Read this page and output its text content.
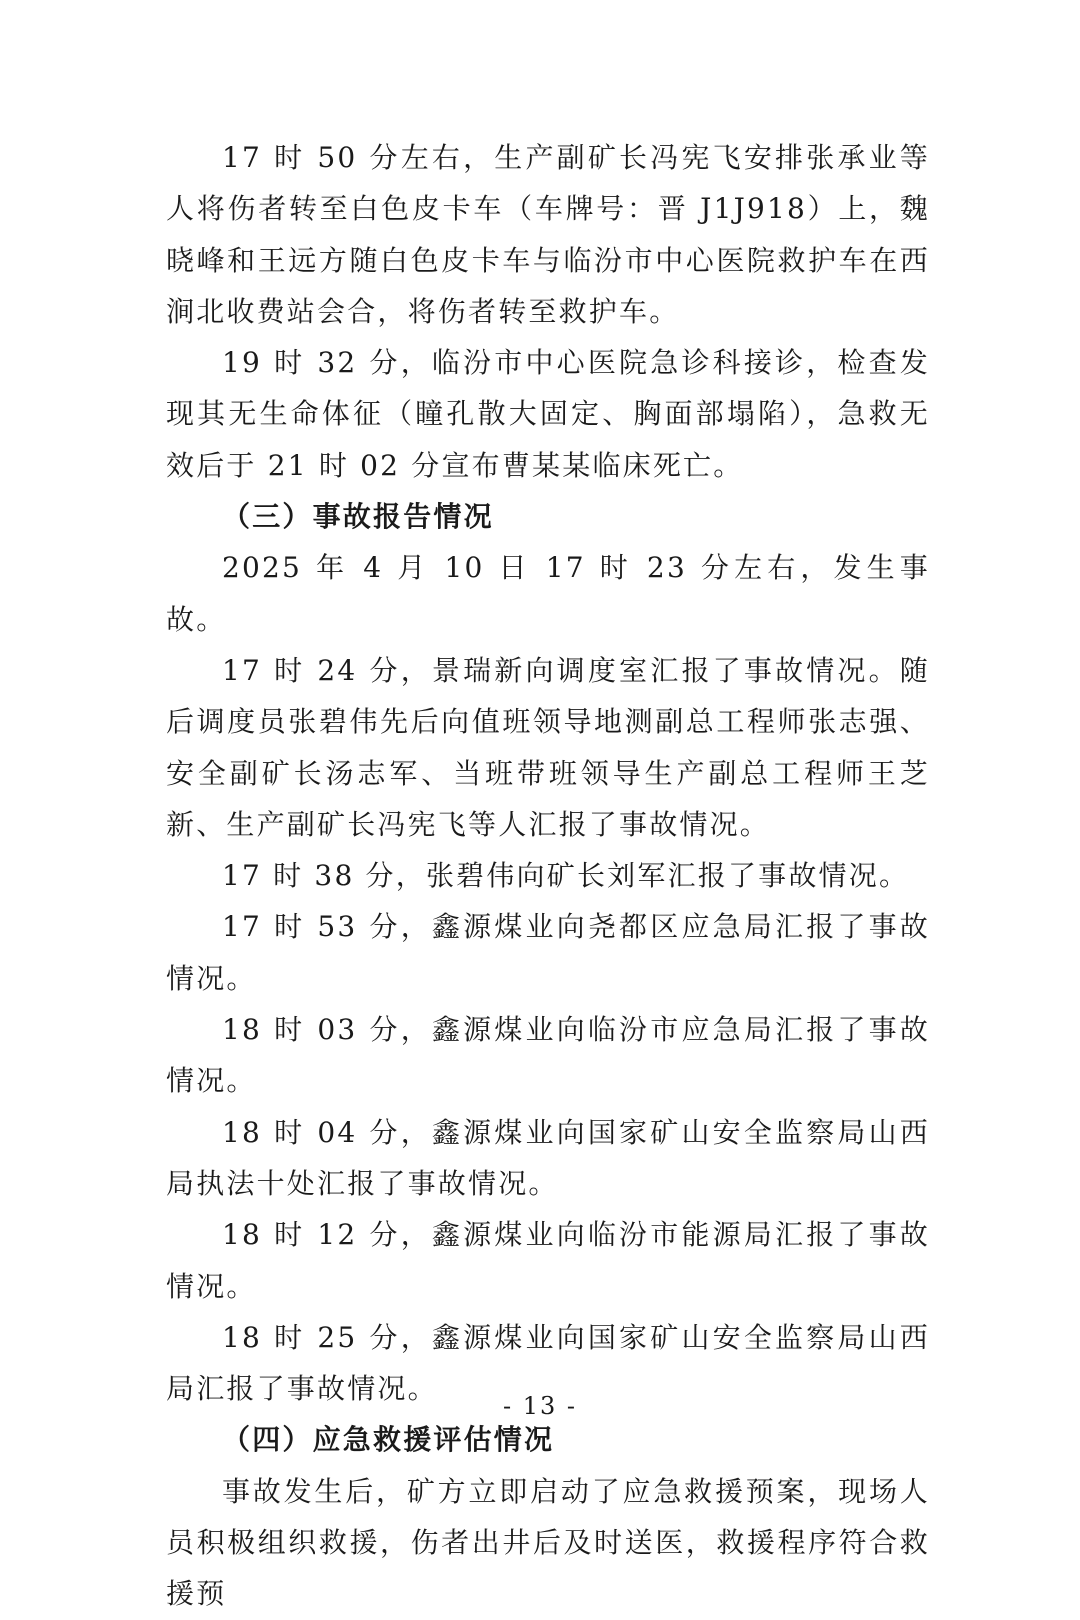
17 时 50 分左右，生产副矿长冯宪飞安排张承业等人将伤者转至白色皮卡车（车牌号：晋 J1J918）上，魏晓峰和王远方随白色皮卡车与临汾市中心医院救护车在西涧北收费站会合，将伤者转至救护车。

19 时 32 分，临汾市中心医院急诊科接诊，检查发现其无生命体征（瞳孔散大固定、胸面部塌陷），急救无效后于 21 时 02 分宣布曹某某临床死亡。

（三）事故报告情况

2025 年 4 月 10 日 17 时 23 分左右，发生事故。

17 时 24 分，景瑞新向调度室汇报了事故情况。随后调度员张碧伟先后向值班领导地测副总工程师张志强、安全副矿长汤志军、当班带班领导生产副总工程师王芝新、生产副矿长冯宪飞等人汇报了事故情况。

17 时 38 分，张碧伟向矿长刘军汇报了事故情况。

17 时 53 分，鑫源煤业向尧都区应急局汇报了事故情况。

18 时 03 分，鑫源煤业向临汾市应急局汇报了事故情况。

18 时 04 分，鑫源煤业向国家矿山安全监察局山西局执法十处汇报了事故情况。

18 时 12 分，鑫源煤业向临汾市能源局汇报了事故情况。

18 时 25 分，鑫源煤业向国家矿山安全监察局山西局汇报了事故情况。

（四）应急救援评估情况

事故发生后，矿方立即启动了应急救援预案，现场人员积极组织救援，伤者出井后及时送医，救援程序符合救援预

- 13 -
